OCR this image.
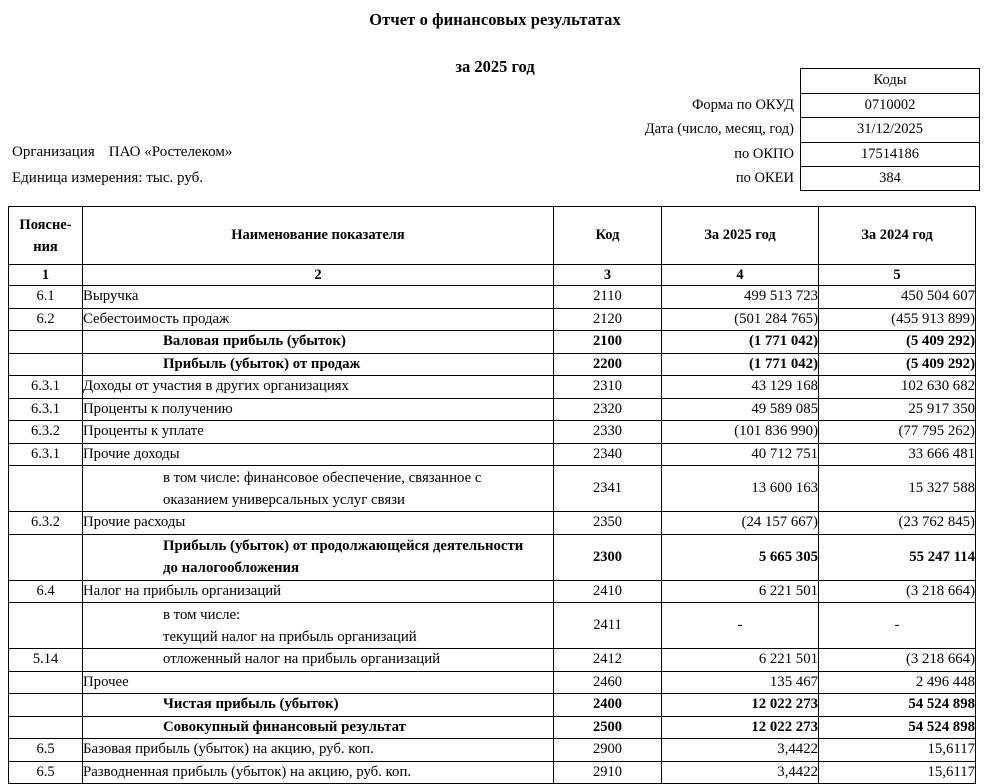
Отчет о финансовых результатах
за 2025 год
Коды
Форма по ОКУД	0710002
Дата (число, месяц, год)	31/12/2025
по ОКПО	17514186
по ОКЕИ	384
Организация ПАО «Ростелеком»
Единица измерения: тыс. руб.
Поясне-
ния	Наименование показателя	Код	За 2025 год	За 2024 год
1	2	3	4	5
6.1	Выручка	2110	499 513 723	450 504 607
6.2	Себестоимость продаж	2120	(501 284 765)	(455 913 899)
	Валовая прибыль (убыток)	2100	(1 771 042)	(5 409 292)
	Прибыль (убыток) от продаж	2200	(1 771 042)	(5 409 292)
6.3.1	Доходы от участия в других организациях	2310	43 129 168	102 630 682
6.3.1	Проценты к получению	2320	49 589 085	25 917 350
6.3.2	Проценты к уплате	2330	(101 836 990)	(77 795 262)
6.3.1	Прочие доходы	2340	40 712 751	33 666 481

	в том числе: финансовое обеспечение, связанное с
оказанием универсальных услуг связи	2341	13 600 163	15 327 588
6.3.2	Прочие расходы	2350	(24 157 667)	(23 762 845)

	Прибыль (убыток) от продолжающейся деятельности
до налогообложения	2300	5 665 305	55 247 114
6.4	Налог на прибыль организаций	2410	6 221 501	(3 218 664)

	в том числе:
текущий налог на прибыль организаций	2411	-	-
5.14	отложенный налог на прибыль организаций	2412	6 221 501	(3 218 664)
	Прочее	2460	135 467	2 496 448
	Чистая прибыль (убыток)	2400	12 022 273	54 524 898
	Совокупный финансовый результат	2500	12 022 273	54 524 898
6.5	Базовая прибыль (убыток) на акцию, руб. коп.	2900	3,4422	15,6117
6.5	Разводненная прибыль (убыток) на акцию, руб. коп.	2910	3,4422	15,6117
